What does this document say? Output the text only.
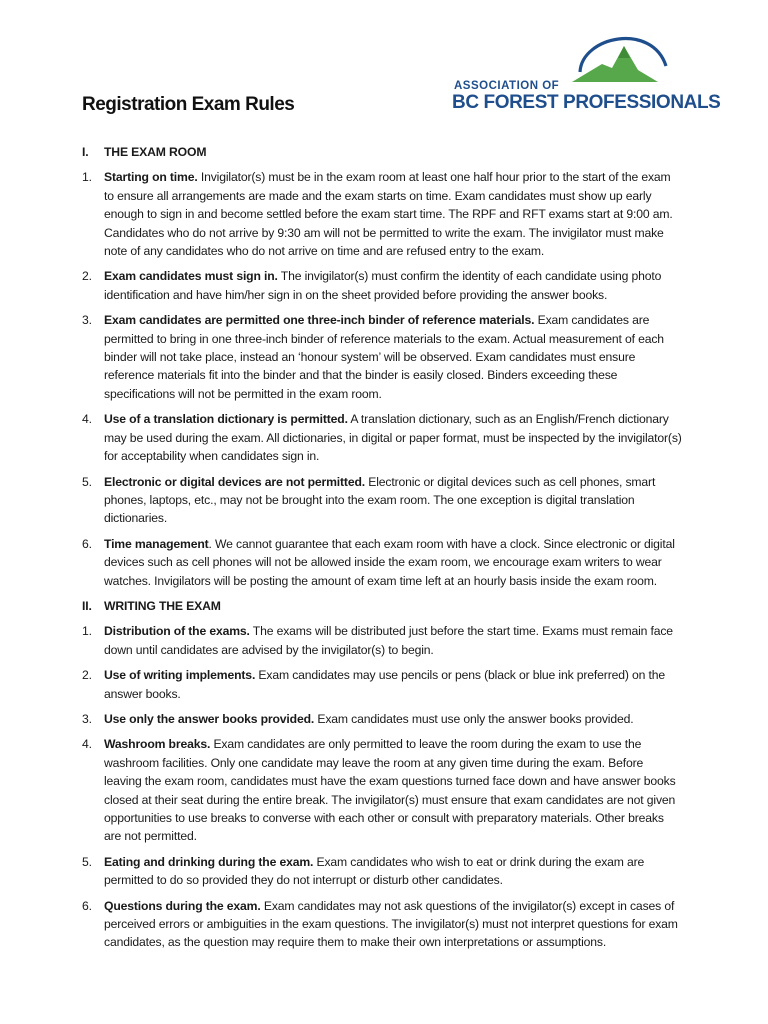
Registration Exam Rules
ASSOCIATION OF
BC FOREST PROFESSIONALS
I.	THE EXAM ROOM
1. Starting on time. Invigilator(s) must be in the exam room at least one half hour prior to the start of the exam to ensure all arrangements are made and the exam starts on time. Exam candidates must show up early enough to sign in and become settled before the exam start time. The RPF and RFT exams start at 9:00 am. Candidates who do not arrive by 9:30 am will not be permitted to write the exam. The invigilator must make note of any candidates who do not arrive on time and are refused entry to the exam.
2. Exam candidates must sign in. The invigilator(s) must confirm the identity of each candidate using photo identification and have him/her sign in on the sheet provided before providing the answer books.
3. Exam candidates are permitted one three-inch binder of reference materials. Exam candidates are permitted to bring in one three-inch binder of reference materials to the exam. Actual measurement of each binder will not take place, instead an ‘honour system’ will be observed. Exam candidates must ensure reference materials fit into the binder and that the binder is easily closed. Binders exceeding these specifications will not be permitted in the exam room.
4. Use of a translation dictionary is permitted. A translation dictionary, such as an English/French dictionary may be used during the exam. All dictionaries, in digital or paper format, must be inspected by the invigilator(s) for acceptability when candidates sign in.
5. Electronic or digital devices are not permitted. Electronic or digital devices such as cell phones, smart phones, laptops, etc., may not be brought into the exam room. The one exception is digital translation dictionaries.
6. Time management. We cannot guarantee that each exam room with have a clock. Since electronic or digital devices such as cell phones will not be allowed inside the exam room, we encourage exam writers to wear watches. Invigilators will be posting the amount of exam time left at an hourly basis inside the exam room.
II.	WRITING THE EXAM
1. Distribution of the exams. The exams will be distributed just before the start time. Exams must remain face down until candidates are advised by the invigilator(s) to begin.
2. Use of writing implements. Exam candidates may use pencils or pens (black or blue ink preferred) on the answer books.
3. Use only the answer books provided. Exam candidates must use only the answer books provided.
4. Washroom breaks. Exam candidates are only permitted to leave the room during the exam to use the washroom facilities. Only one candidate may leave the room at any given time during the exam. Before leaving the exam room, candidates must have the exam questions turned face down and have answer books closed at their seat during the entire break. The invigilator(s) must ensure that exam candidates are not given opportunities to use breaks to converse with each other or consult with preparatory materials. Other breaks are not permitted.
5. Eating and drinking during the exam. Exam candidates who wish to eat or drink during the exam are permitted to do so provided they do not interrupt or disturb other candidates.
6. Questions during the exam. Exam candidates may not ask questions of the invigilator(s) except in cases of perceived errors or ambiguities in the exam questions. The invigilator(s) must not interpret questions for exam candidates, as the question may require them to make their own interpretations or assumptions.
